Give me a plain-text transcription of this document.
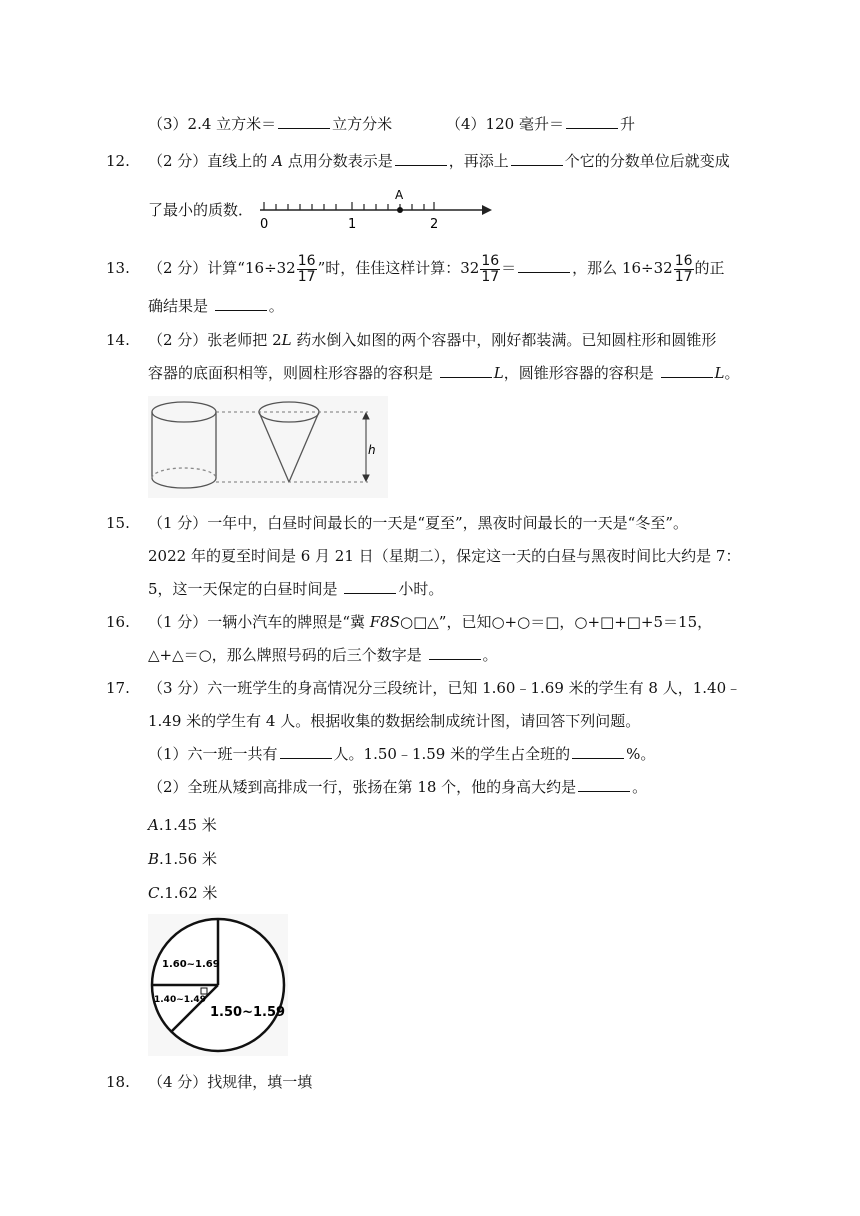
（3）2.4 立方米＝	立方分米	（4）120 毫升＝	升
12. （2 分）直线上的 A 点用分数表示是	，再添上	个它的分数单位后就变成
了最小的质数．
A
0	1	2
13. （2 分）计算“$16\div 32 \frac{16}{17}$ ”时，佳佳这样计算：$32 \frac{16}{17}$ ＝	，那么 $16\div 32 \frac{16}{17}$ 的正
确结果是	。
14. （2 分）张老师把 2L 药水倒入如图的两个容器中，刚好都装满。已知圆柱形和圆锥形
容器的底面积相等，则圆柱形容器的容积是	L，圆锥形容器的容积是	L。
h
15. （1 分）一年中，白昼时间最长的一天是“夏至”，黑夜时间最长的一天是“冬至”。
2022 年的夏至时间是 6 月 21 日（星期二），保定这一天的白昼与黑夜时间比大约是 7：
5，这一天保定的白昼时间是	小时。
16. （1 分）一辆小汽车的牌照是“冀 F8S○□△”，已知○+○＝□，○+□+□+5＝15，
△+△＝○，那么牌照号码的后三个数字是	。
17. （3 分）六一班学生的身高情况分三段统计，已知 1.60﹣1.69 米的学生有 8 人，1.40﹣
1.49 米的学生有 4 人。根据收集的数据绘制成统计图，请回答下列问题。
（1）六一班一共有	人。1.50﹣1.59 米的学生占全班的	%。
（2）全班从矮到高排成一行，张扬在第 18 个，他的身高大约是	。
A.1.45 米
B.1.56 米
C.1.62 米
1.60~1.69
1.40~1.49
1.50~1.59
18. （4 分）找规律，填一填
